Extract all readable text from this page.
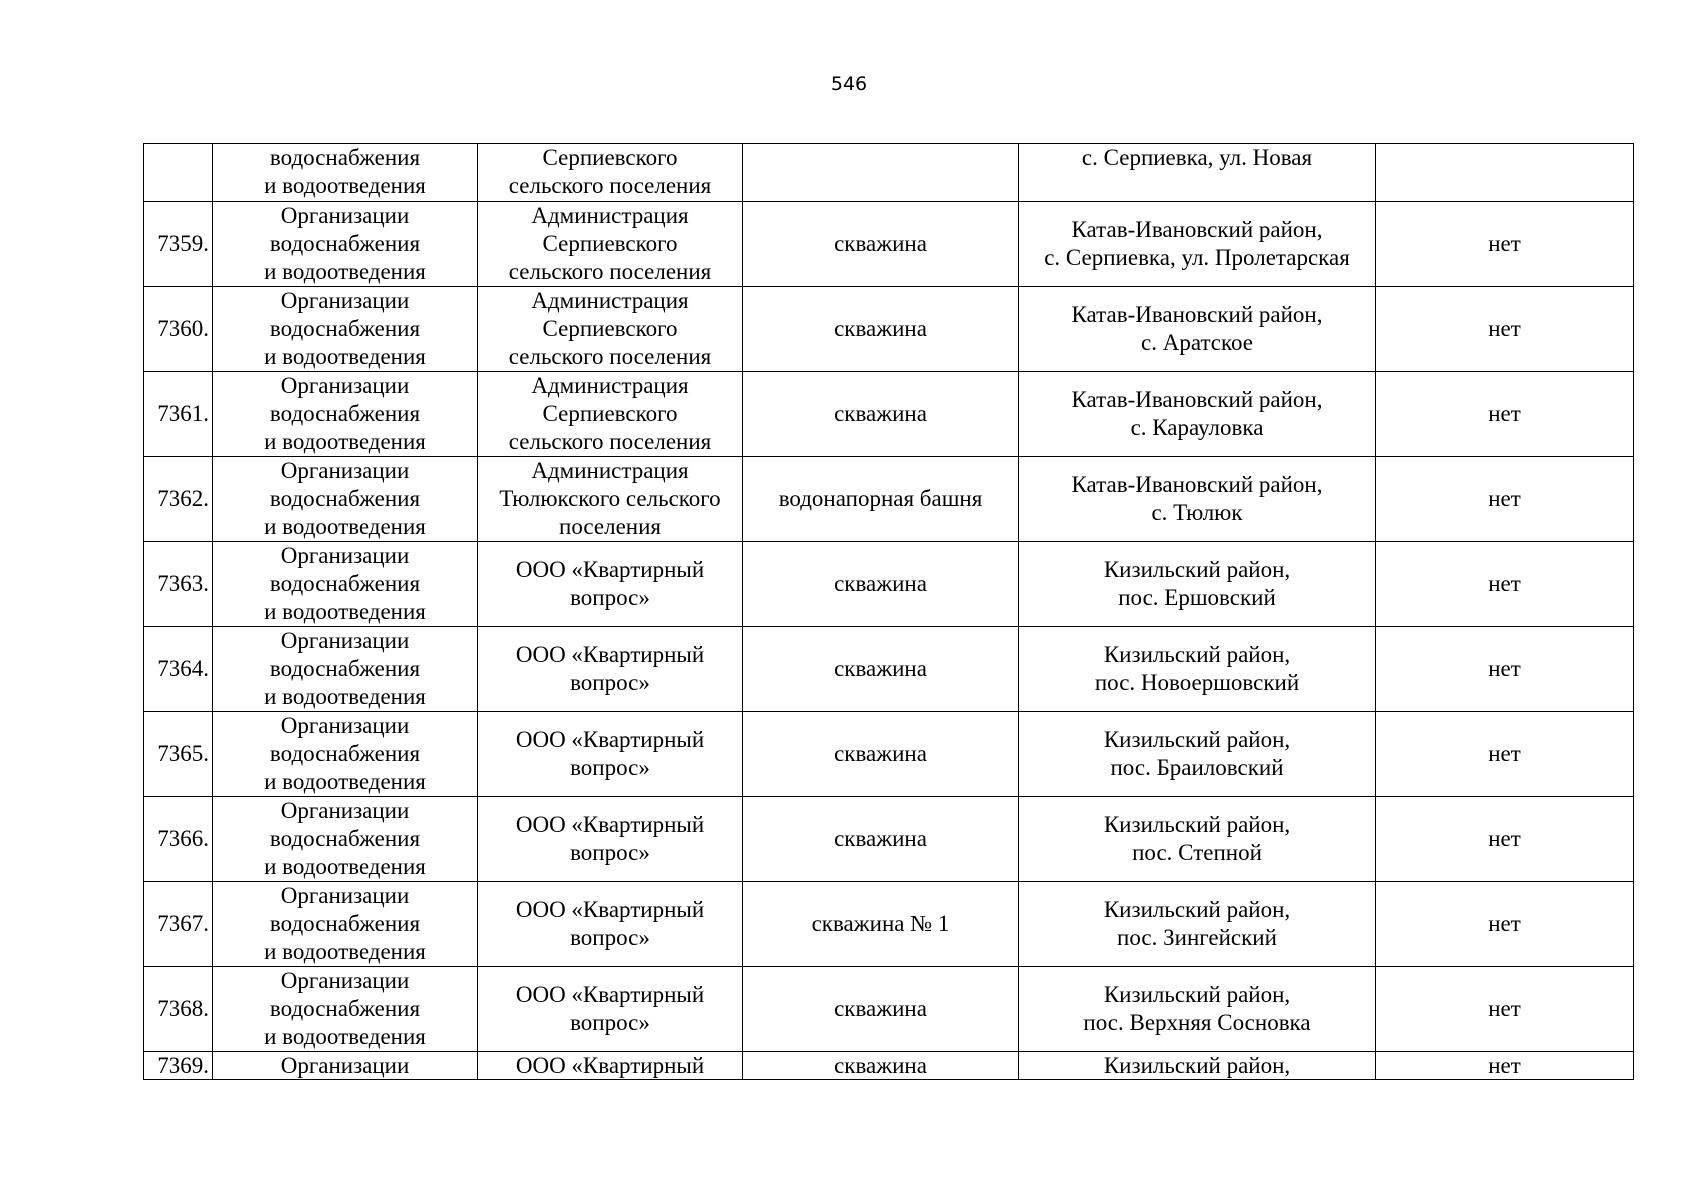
546

	водоснабжения
и водоотведения	Серпиевского
сельского поселения		с. Серпиевка, ул. Новая	

7359.	Организации
водоснабжения
и водоотведения	Администрация
Серпиевского
сельского поселения	скважина	Катав-Ивановский район,
с. Серпиевка, ул. Пролетарская	нет
7360.	Организации
водоснабжения
и водоотведения	Администрация
Серпиевского
сельского поселения	скважина	Катав-Ивановский район,
с. Аратское	нет
7361.	Организации
водоснабжения
и водоотведения	Администрация
Серпиевского
сельского поселения	скважина	Катав-Ивановский район,
с. Карауловка	нет
7362.	Организации
водоснабжения
и водоотведения	Администрация
Тюлюкского сельского
поселения	водонапорная башня	Катав-Ивановский район,
с. Тюлюк	нет
7363.	Организации
водоснабжения
и водоотведения	ООО «Квартирный
вопрос»	скважина	Кизильский район,
пос. Ершовский	нет
7364.	Организации
водоснабжения
и водоотведения	ООО «Квартирный
вопрос»	скважина	Кизильский район,
пос. Новоершовский	нет
7365.	Организации
водоснабжения
и водоотведения	ООО «Квартирный
вопрос»	скважина	Кизильский район,
пос. Браиловский	нет
7366.	Организации
водоснабжения
и водоотведения	ООО «Квартирный
вопрос»	скважина	Кизильский район,
пос. Степной	нет
7367.	Организации
водоснабжения
и водоотведения	ООО «Квартирный
вопрос»	скважина № 1	Кизильский район,
пос. Зингейский	нет
7368.	Организации
водоснабжения
и водоотведения	ООО «Квартирный
вопрос»	скважина	Кизильский район,
пос. Верхняя Сосновка	нет
7369.	Организации	ООО «Квартирный	скважина	Кизильский район,	нет
